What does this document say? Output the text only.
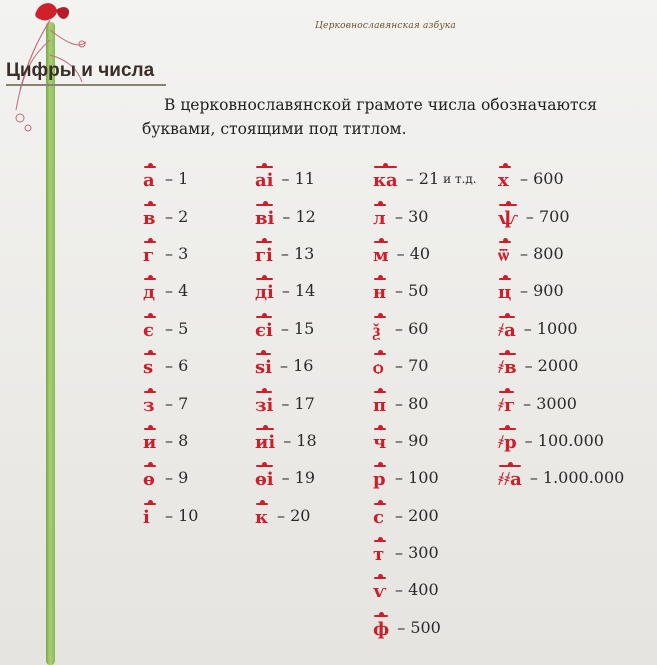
Церковнославянская азбука
Цифры и числа
В церковнославянской грамоте числа обозначаются буквами, стоящими под титлом.
а – 1
в – 2
г – 3
д – 4
є – 5
ѕ – 6
з – 7
и – 8
ѳ – 9
і – 10
аі – 11
ві – 12
гі – 13
ді – 14
єі – 15
ѕі – 16
зі – 17
иі – 18
ѳі – 19
к – 20
ка – 21 и т.д.
л – 30
м – 40
н – 50
ѯ – 60
ѻ – 70
п – 80
ч – 90
р – 100
с – 200
т – 300
ѵ – 400
ф – 500
х – 600
ѱ – 700
ѿ – 800
ц – 900
҂а – 1000
҂в – 2000
҂г – 3000
҂р – 100.000
҂҂а – 1.000.000
